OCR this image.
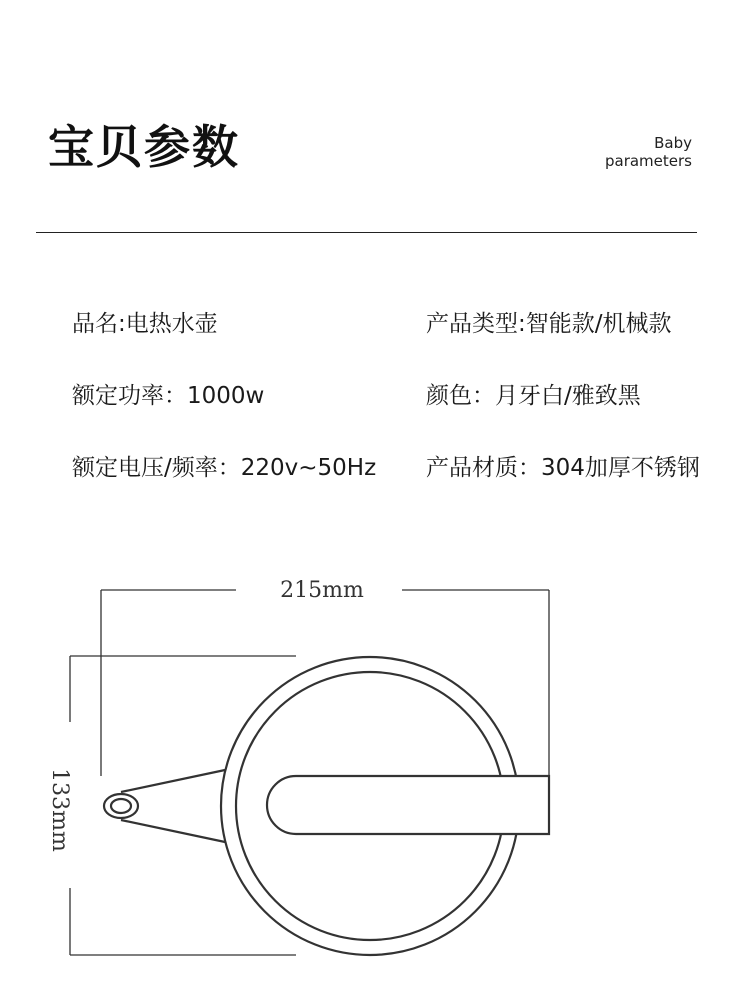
宝贝参数	Baby
parameters
品名:电热水壶	产品类型:智能款/机械款
额定功率：1000w	颜色：月牙白/雅致黑
额定电压/频率：220v~50Hz 产品材质：304加厚不锈钢
215mm
133mm
